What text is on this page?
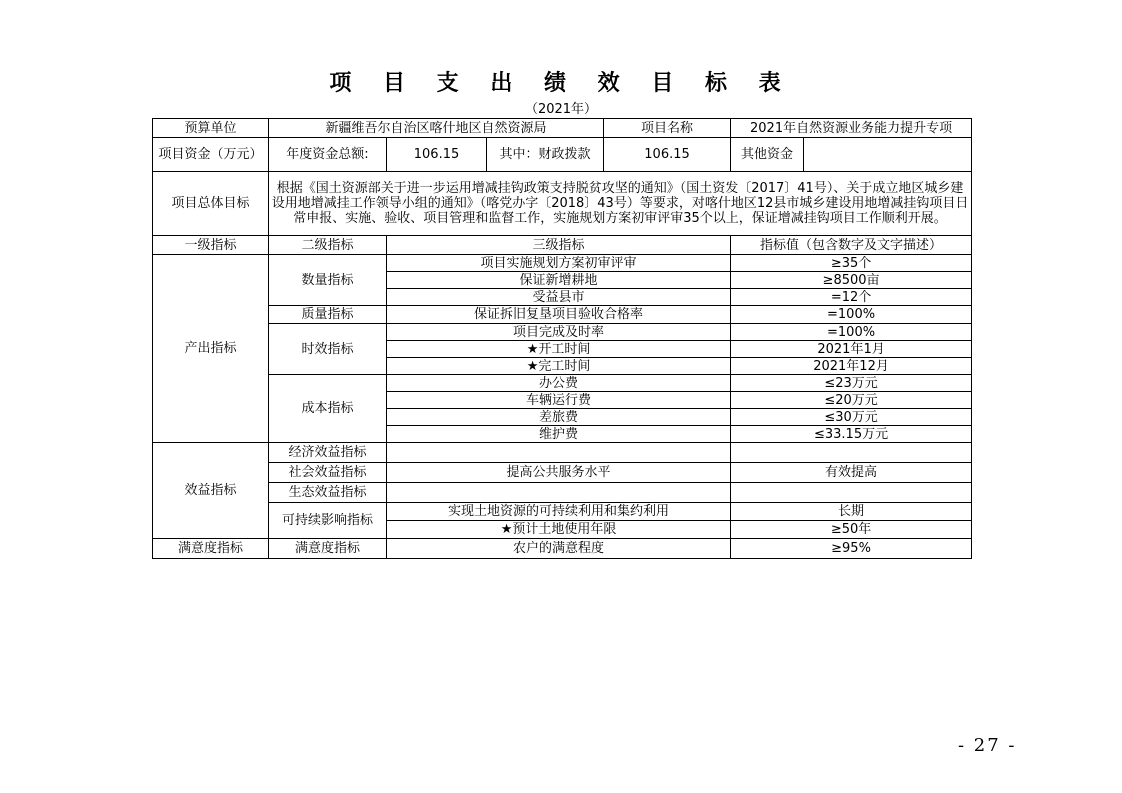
项 目 支 出 绩 效 目 标 表
（2021年）
预算单位	新疆维吾尔自治区喀什地区自然资源局			项目名称	2021年自然资源业务能力提升专项	
项目资金（万元）	年度资金总额:	106.15	其中：财政拨款	106.15	其他资金	
项目总体目标	根据《国土资源部关于进一步运用增减挂钩政策支持脱贫攻坚的通知》（国土资发〔2017〕41号）、关于成立地区城乡建设用地增减挂工作领导小组的通知》（喀党办字〔2018〕43号）等要求，对喀什地区12县市城乡建设用地增减挂钩项目日常申报、实施、验收、项目管理和监督工作，实施规划方案初审评审35个以上，保证增减挂钩项目工作顺利开展。					
一级指标	二级指标	三级指标			指标值（包含数字及文字描述）	
产出指标	数量指标	项目实施规划方案初审评审			≥35个	
		保证新增耕地			≥8500亩	
		受益县市			=12个	
	质量指标	保证拆旧复垦项目验收合格率			=100%	
	时效指标	项目完成及时率			=100%	
		★开工时间			2021年1月	
		★完工时间			2021年12月	
	成本指标	办公费			≤23万元	
		车辆运行费			≤20万元	
		差旅费			≤30万元	
		维护费			≤33.15万元	
效益指标	经济效益指标					
	社会效益指标	提高公共服务水平			有效提高	
	生态效益指标					
	可持续影响指标	实现土地资源的可持续利用和集约利用			长期	
		★预计土地使用年限			≥50年	
满意度指标	满意度指标	农户的满意程度			≥95%	
- 27 -
